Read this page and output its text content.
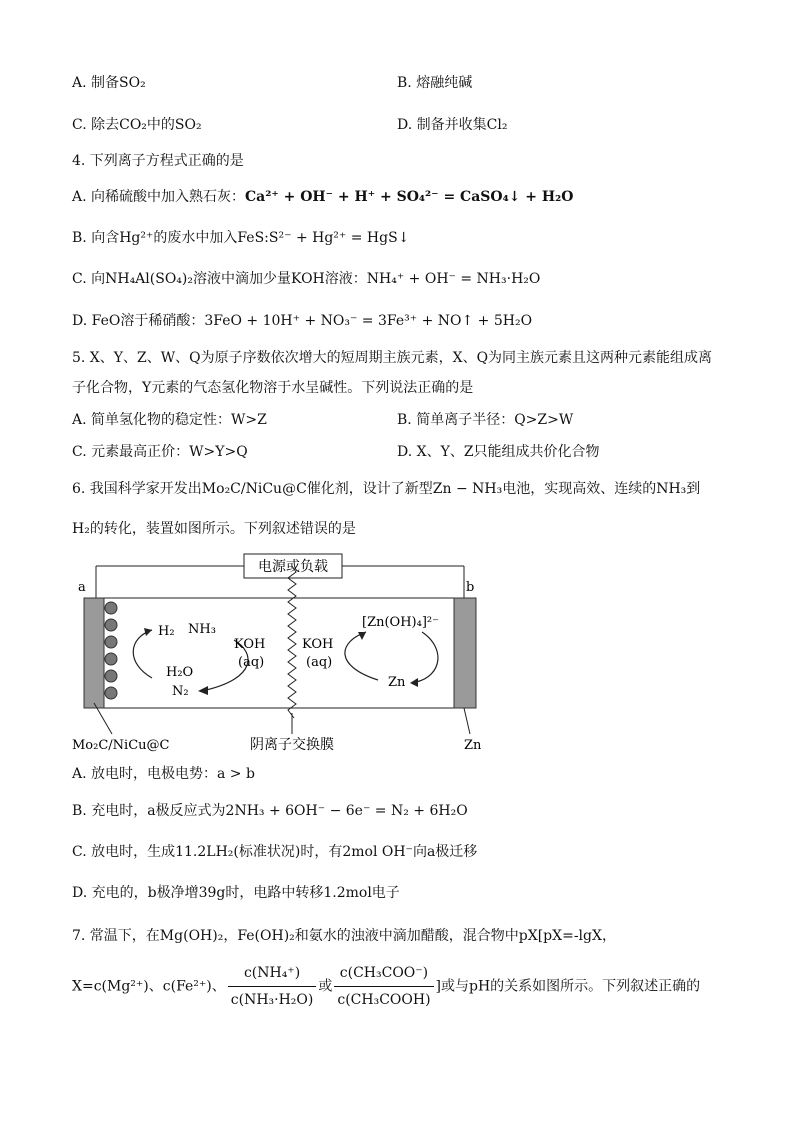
A. 制备SO₂	B. 熔融纯碱
C. 除去CO₂中的SO₂	D. 制备并收集Cl₂
4. 下列离子方程式正确的是
A. 向稀硫酸中加入熟石灰：Ca²⁺ + OH⁻ + H⁺ + SO₄²⁻ = CaSO₄↓ + H₂O
B. 向含Hg²⁺的废水中加入FeS:S²⁻ + Hg²⁺ = HgS↓
C. 向NH₄Al(SO₄)₂溶液中滴加少量KOH溶液：NH₄⁺ + OH⁻ = NH₃·H₂O
D. FeO溶于稀硝酸：3FeO + 10H⁺ + NO₃⁻ = 3Fe³⁺ + NO↑ + 5H₂O
5. X、Y、Z、W、Q为原子序数依次增大的短周期主族元素，X、Q为同主族元素且这两种元素能组成离
子化合物，Y元素的气态氢化物溶于水呈碱性。下列说法正确的是
A. 简单氢化物的稳定性：W>Z	B. 简单离子半径：Q>Z>W
C. 元素最高正价：W>Y>Q	D. X、Y、Z只能组成共价化合物
6. 我国科学家开发出Mo₂C/NiCu@C催化剂，设计了新型Zn − NH₃电池，实现高效、连续的NH₃到
H₂的转化，装置如图所示。下列叙述错误的是
电源或负载
a	b
H₂ NH₃
H₂O
N₂
KOH
(aq)
KOH
(aq)
[Zn(OH)₄]²⁻
Zn
Mo₂C/NiCu@C	阴离子交换膜	Zn
A. 放电时，电极电势：a > b
B. 充电时，a极反应式为2NH₃ + 6OH⁻ − 6e⁻ = N₂ + 6H₂O
C. 放电时，生成11.2LH₂(标准状况)时，有2mol OH⁻向a极迁移
D. 充电的，b极净增39g时，电路中转移1.2mol电子
7. 常温下，在Mg(OH)₂，Fe(OH)₂和氨水的浊液中滴加醋酸，混合物中pX[pX=-lgX，
X=c(Mg²⁺)、c(Fe²⁺)、 $\frac{\text{c(NH₄⁺)}}{\text{c(NH₃·H₂O)}}$ 或 $\frac{\text{c(CH₃COO⁻)}}{\text{c(CH₃COOH)}}$ ]或与pH的关系如图所示。下列叙述正确的
